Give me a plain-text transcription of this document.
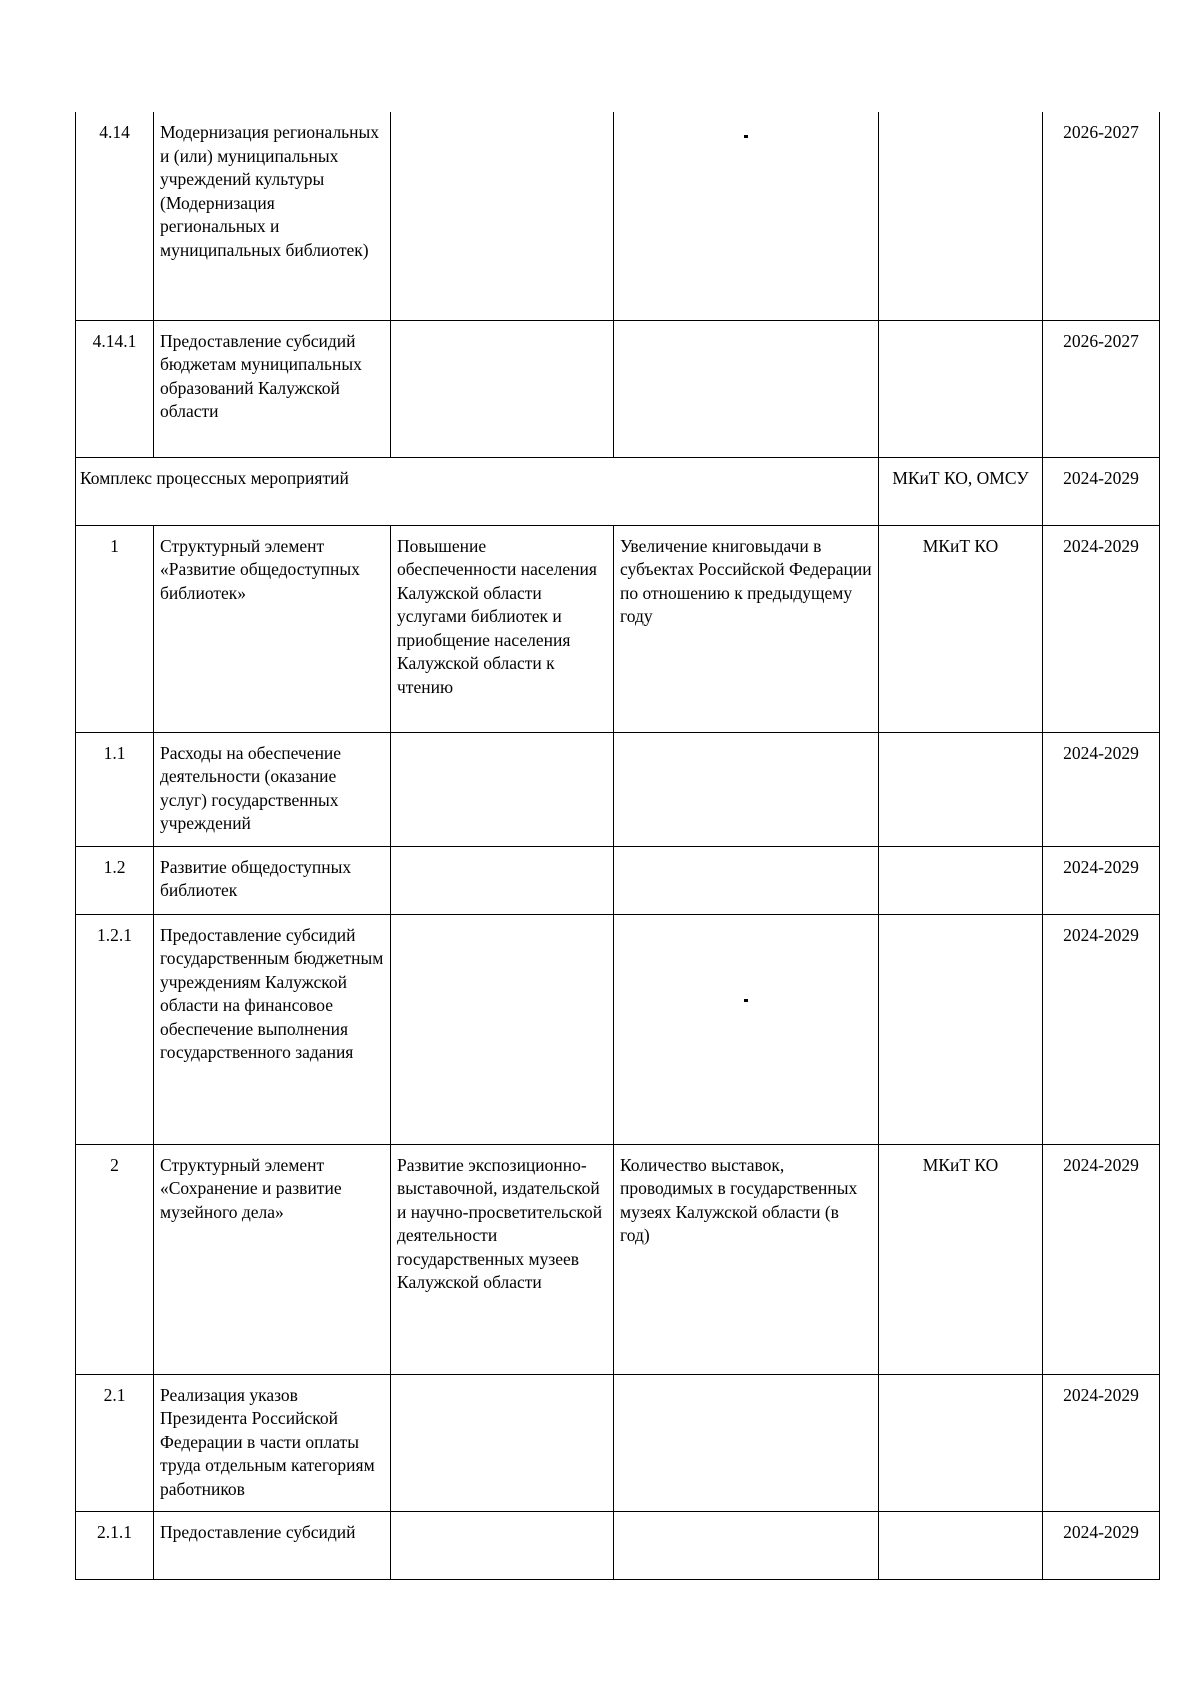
4.14	Модернизация региональных и (или) муниципальных учреждений культуры (Модернизация региональных и муниципальных библиотек)				2026-2027
4.14.1	Предоставление субсидий бюджетам муниципальных образований Калужской области				2026-2027
Комплекс процессных мероприятий				МКиТ КО, ОМСУ	2024-2029
1	Структурный элемент «Развитие общедоступных библиотек»	Повышение обеспеченности населения Калужской области услугами библиотек и приобщение населения Калужской области к чтению	Увеличение книговыдачи в субъектах Российской Федерации по отношению к предыдущему году	МКиТ КО	2024-2029
1.1	Расходы на обеспечение деятельности (оказание услуг) государственных учреждений				2024-2029
1.2	Развитие общедоступных библиотек				2024-2029
1.2.1	Предоставление субсидий государственным бюджетным учреждениям Калужской области на финансовое обеспечение выполнения государственного задания				2024-2029
2	Структурный элемент «Сохранение и развитие музейного дела»	Развитие экспозиционно-выставочной, издательской и научно-просветительской деятельности государственных музеев Калужской области	Количество выставок, проводимых в государственных музеях Калужской области (в год)	МКиТ КО	2024-2029
2.1	Реализация указов Президента Российской Федерации в части оплаты труда отдельным категориям работников				2024-2029
2.1.1	Предоставление субсидий				2024-2029
